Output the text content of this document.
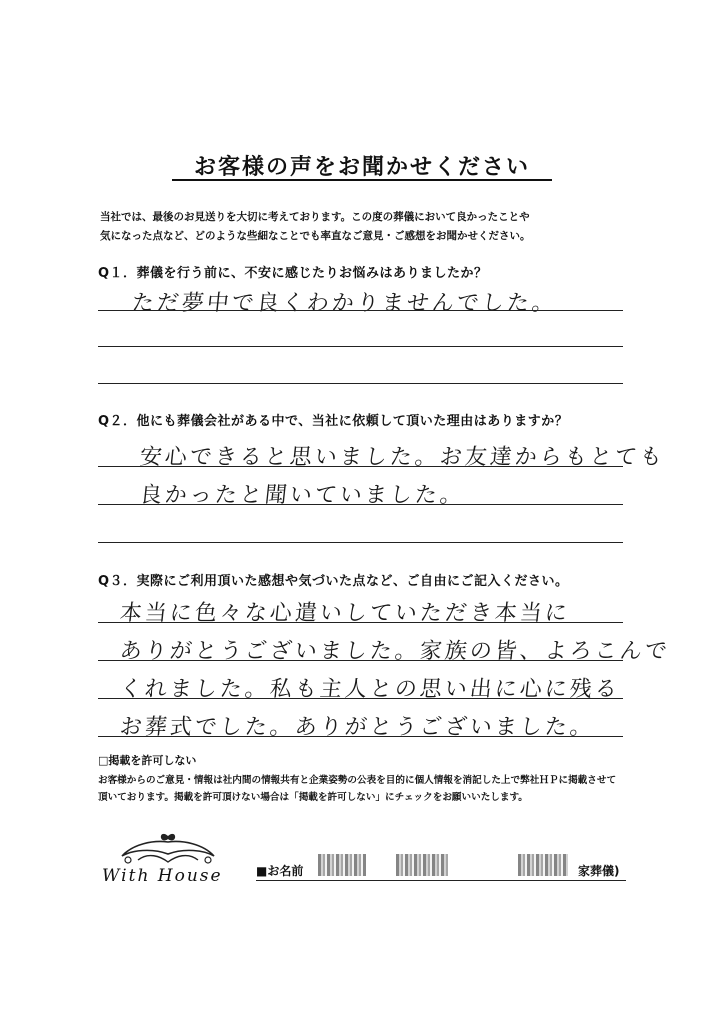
お客様の声をお聞かせください
当社では、最後のお見送りを大切に考えております。この度の葬儀において良かったことや
気になった点など、どのような些細なことでも率直なご意見・ご感想をお聞かせください。
Q１．葬儀を行う前に、不安に感じたりお悩みはありましたか？
ただ夢中で良くわかりませんでした。
Q２．他にも葬儀会社がある中で、当社に依頼して頂いた理由はありますか？
安心できると思いました。お友達からもとても
良かったと聞いていました。
Q３．実際にご利用頂いた感想や気づいた点など、ご自由にご記入ください。
本当に色々な心遣いしていただき本当に
ありがとうございました。家族の皆、よろこんで
くれました。私も主人との思い出に心に残る
お葬式でした。ありがとうございました。
□掲載を許可しない
お客様からのご意見・情報は社内間の情報共有と企業姿勢の公表を目的に個人情報を消記した上で弊社ＨＰに掲載させて
頂いております。掲載を許可頂けない場合は「掲載を許可しない」にチェックをお願いいたします。
With House	■お名前	家葬儀)
